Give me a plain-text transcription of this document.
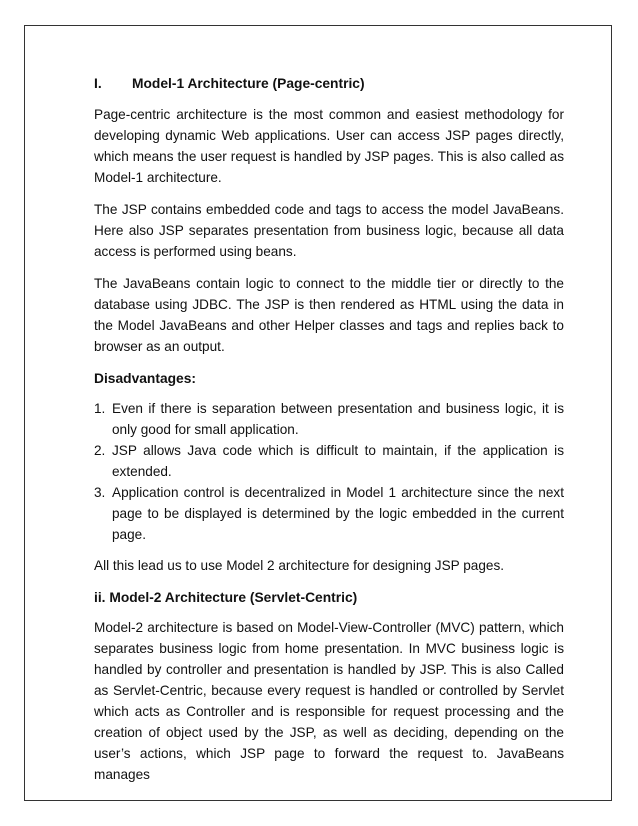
I. Model-1 Architecture (Page-centric)

Page-centric architecture is the most common and easiest methodology for developing dynamic Web applications. User can access JSP pages directly, which means the user request is handled by JSP pages. This is also called as Model-1 architecture.

The JSP contains embedded code and tags to access the model JavaBeans. Here also JSP separates presentation from business logic, because all data access is performed using beans.

The JavaBeans contain logic to connect to the middle tier or directly to the database using JDBC. The JSP is then rendered as HTML using the data in the Model JavaBeans and other Helper classes and tags and replies back to browser as an output.

Disadvantages:
1. Even if there is separation between presentation and business logic, it is only good for small application.
2. JSP allows Java code which is difficult to maintain, if the application is extended.
3. Application control is decentralized in Model 1 architecture since the next page to be displayed is determined by the logic embedded in the current page.

All this lead us to use Model 2 architecture for designing JSP pages.

ii. Model-2 Architecture (Servlet-Centric)

Model-2 architecture is based on Model-View-Controller (MVC) pattern, which separates business logic from home presentation. In MVC business logic is handled by controller and presentation is handled by JSP. This is also Called as Servlet-Centric, because every request is handled or controlled by Servlet which acts as Controller and is responsible for request processing and the creation of object used by the JSP, as well as deciding, depending on the user’s actions, which JSP page to forward the request to. JavaBeans manages
